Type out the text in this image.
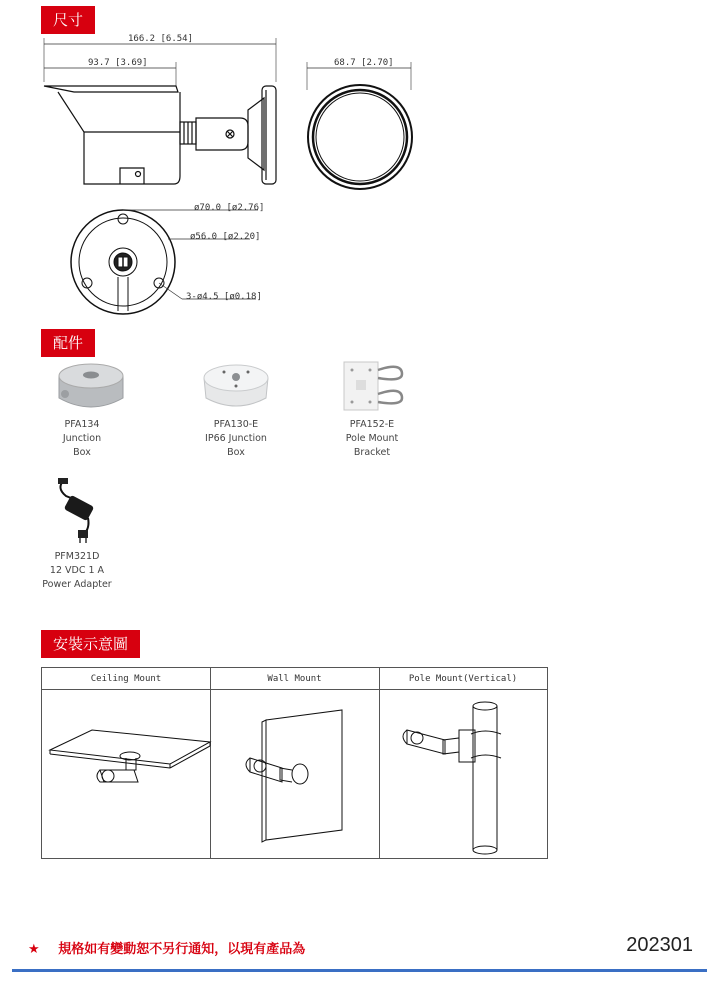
尺寸
166.2 [6.54]
93.7 [3.69]	68.7 [2.70]
ø70.0 [ø2.76]
ø56.0 [ø2.20]
3-ø4.5 [ø0.18]
配件
PFA134
Junction
Box
PFA130-E
IP66 Junction
Box
PFA152-E
Pole Mount
Bracket
PFM321D
12 VDC 1 A
Power Adapter
安裝示意圖
Ceiling Mount	Wall Mount	Pole Mount(Vertical)
★ 規格如有變動恕不另行通知，以現有產品為	202301
